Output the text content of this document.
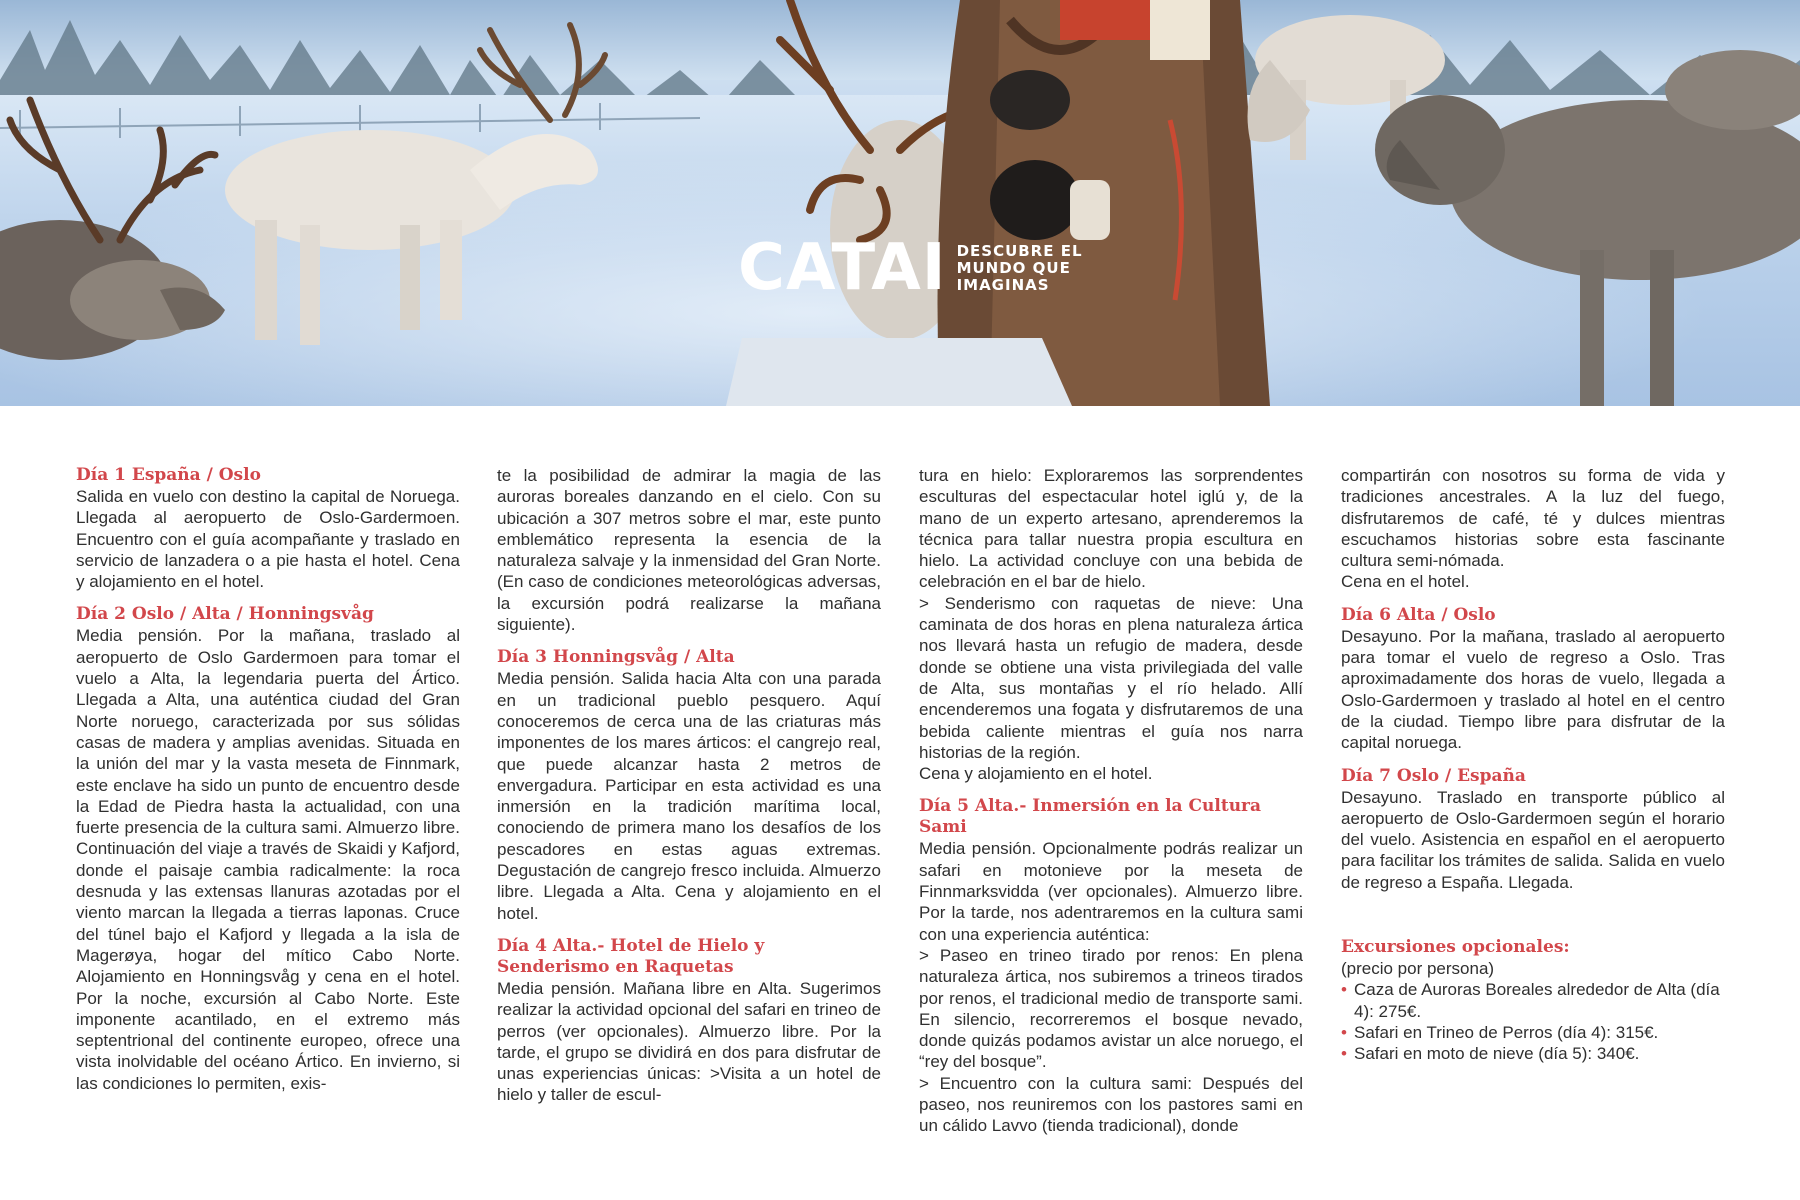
CATAI DESCUBRE EL
MUNDO QUE
IMAGINAS
Día 1 España / Oslo

Salida en vuelo con destino la capital de Noruega. Llegada al aeropuerto de Oslo-Gardermoen. Encuentro con el guía acompañante y traslado en servicio de lanzadera o a pie hasta el hotel. Cena y alojamiento en el hotel.

Día 2 Oslo / Alta / Honningsvåg

Media pensión. Por la mañana, traslado al aeropuerto de Oslo Gardermoen para tomar el vuelo a Alta, la legendaria puerta del Ártico. Llegada a Alta, una auténtica ciudad del Gran Norte noruego, caracterizada por sus sólidas casas de madera y amplias avenidas. Situada en la unión del mar y la vasta meseta de Finnmark, este enclave ha sido un punto de encuentro desde la Edad de Piedra hasta la actualidad, con una fuerte presencia de la cultura sami. Almuerzo libre. Continuación del viaje a través de Skaidi y Kafjord, donde el paisaje cambia radicalmente: la roca desnuda y las extensas llanuras azotadas por el viento marcan la llegada a tierras laponas. Cruce del túnel bajo el Kafjord y llegada a la isla de Magerøya, hogar del mítico Cabo Norte. Alojamiento en Honningsvåg y cena en el hotel. Por la noche, excursión al Cabo Norte. Este imponente acantilado, en el extremo más septentrional del continente europeo, ofrece una vista inolvidable del océano Ártico. En invierno, si las condiciones lo permiten, exis-

te la posibilidad de admirar la magia de las auroras boreales danzando en el cielo. Con su ubicación a 307 metros sobre el mar, este punto emblemático representa la esencia de la naturaleza salvaje y la inmensidad del Gran Norte. (En caso de condiciones meteorológicas adversas, la excursión podrá realizarse la mañana siguiente).

Día 3 Honningsvåg / Alta

Media pensión. Salida hacia Alta con una parada en un tradicional pueblo pesquero. Aquí conoceremos de cerca una de las criaturas más imponentes de los mares árticos: el cangrejo real, que puede alcanzar hasta 2 metros de envergadura. Participar en esta actividad es una inmersión en la tradición marítima local, conociendo de primera mano los desafíos de los pescadores en estas aguas extremas. Degustación de cangrejo fresco incluida. Almuerzo libre. Llegada a Alta. Cena y alojamiento en el hotel.

Día 4 Alta.- Hotel de Hielo y Senderismo en Raquetas

Media pensión. Mañana libre en Alta. Sugerimos realizar la actividad opcional del safari en trineo de perros (ver opcionales). Almuerzo libre. Por la tarde, el grupo se dividirá en dos para disfrutar de unas experiencias únicas: >Visita a un hotel de hielo y taller de escul-

tura en hielo: Exploraremos las sorprendentes esculturas del espectacular hotel iglú y, de la mano de un experto artesano, aprenderemos la técnica para tallar nuestra propia escultura en hielo. La actividad concluye con una bebida de celebración en el bar de hielo.

> Senderismo con raquetas de nieve: Una caminata de dos horas en plena naturaleza ártica nos llevará hasta un refugio de madera, desde donde se obtiene una vista privilegiada del valle de Alta, sus montañas y el río helado. Allí encenderemos una fogata y disfrutaremos de una bebida caliente mientras el guía nos narra historias de la región.

Cena y alojamiento en el hotel.

Día 5 Alta.- Inmersión en la Cultura Sami

Media pensión. Opcionalmente podrás realizar un safari en motonieve por la meseta de Finnmarksvidda (ver opcionales). Almuerzo libre. Por la tarde, nos adentraremos en la cultura sami con una experiencia auténtica:

> Paseo en trineo tirado por renos: En plena naturaleza ártica, nos subiremos a trineos tirados por renos, el tradicional medio de transporte sami. En silencio, recorreremos el bosque nevado, donde quizás podamos avistar un alce noruego, el “rey del bosque”.

> Encuentro con la cultura sami: Después del paseo, nos reuniremos con los pastores sami en un cálido Lavvo (tienda tradicional), donde

compartirán con nosotros su forma de vida y tradiciones ancestrales. A la luz del fuego, disfrutaremos de café, té y dulces mientras escuchamos historias sobre esta fascinante cultura semi-nómada.

Cena en el hotel.

Día 6 Alta / Oslo

Desayuno. Por la mañana, traslado al aeropuerto para tomar el vuelo de regreso a Oslo. Tras aproximadamente dos horas de vuelo, llegada a Oslo-Gardermoen y traslado al hotel en el centro de la ciudad. Tiempo libre para disfrutar de la capital noruega.

Día 7 Oslo / España

Desayuno. Traslado en transporte público al aeropuerto de Oslo-Gardermoen según el horario del vuelo. Asistencia en español en el aeropuerto para facilitar los trámites de salida. Salida en vuelo de regreso a España. Llegada.

Excursiones opcionales:

(precio por persona)

• Caza de Auroras Boreales alrededor de Alta (día 4): 275€.
• Safari en Trineo de Perros (día 4): 315€.
• Safari en moto de nieve (día 5): 340€.
